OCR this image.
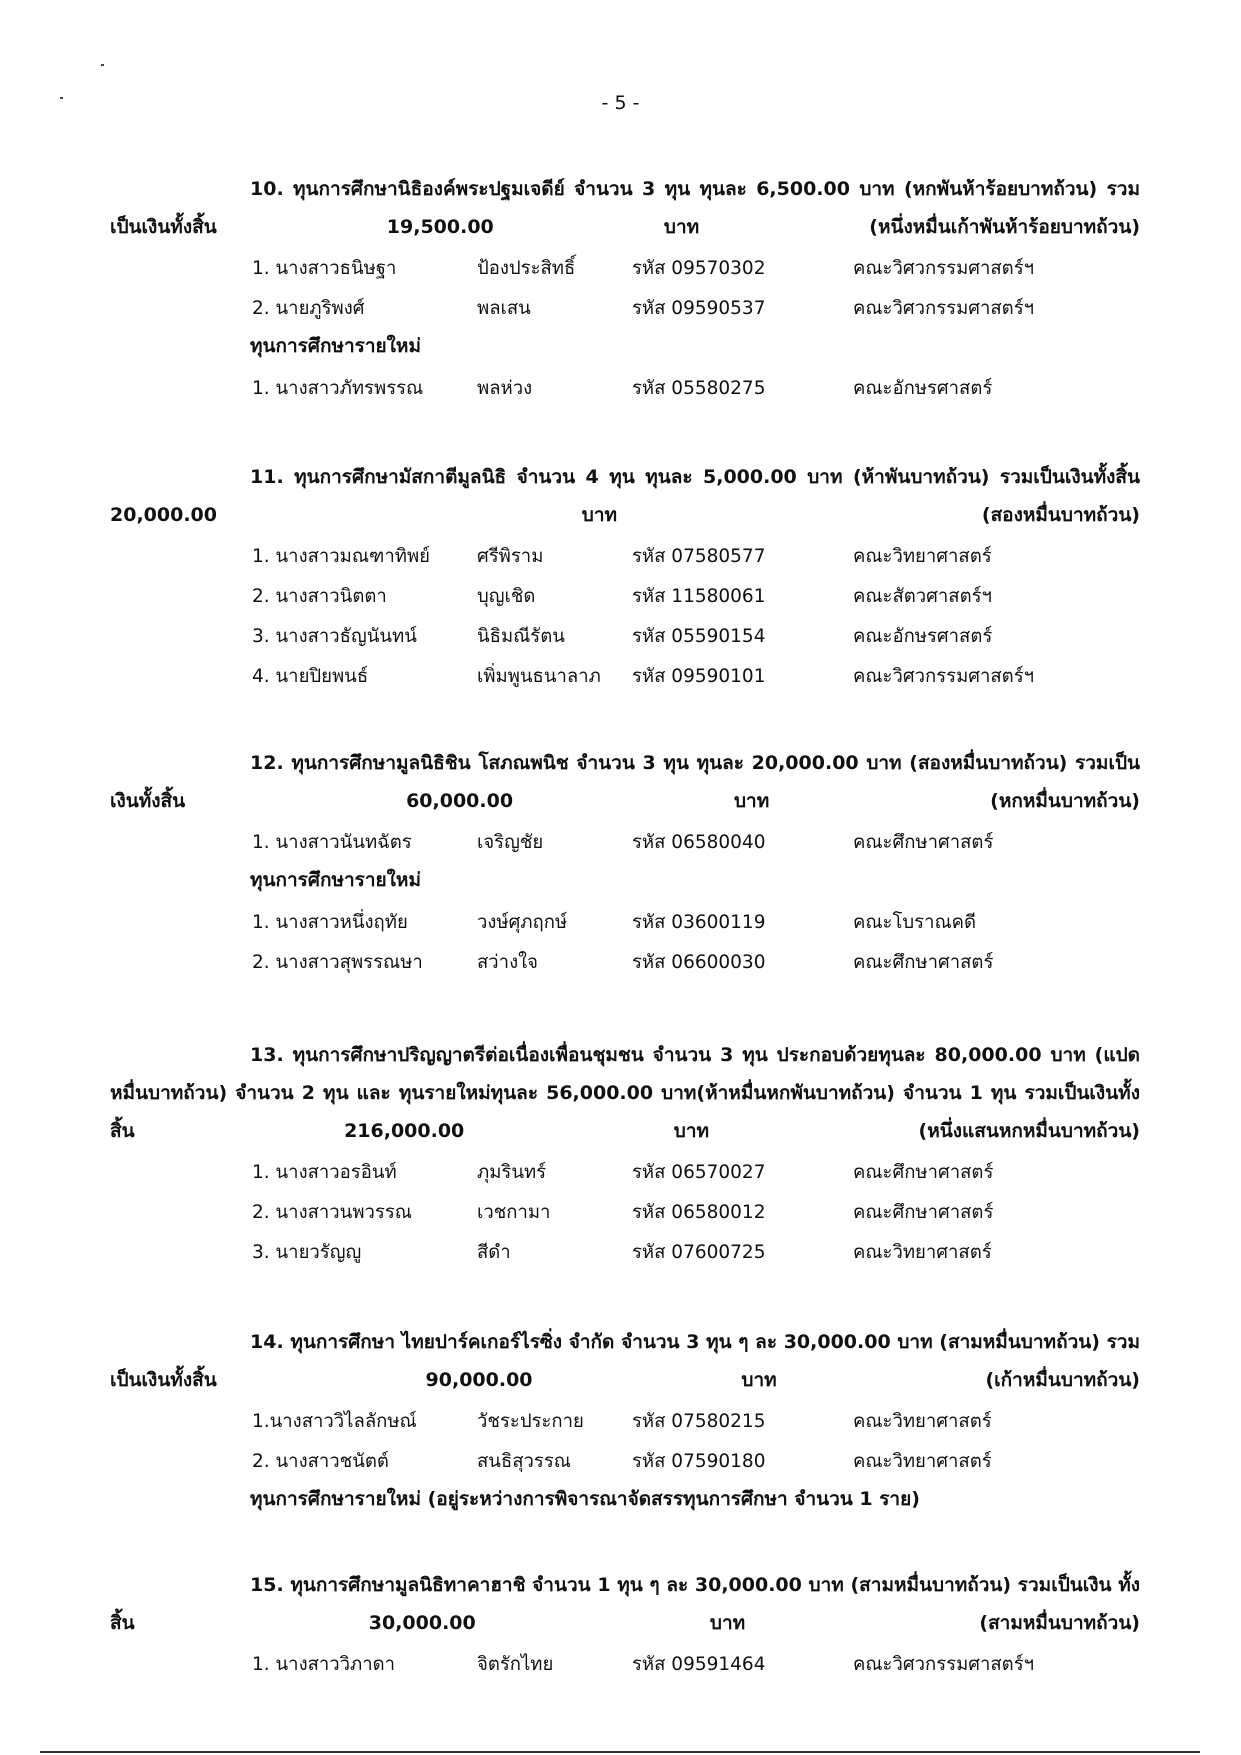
- 5 -
10. ทุนการศึกษานิธิองค์พระปฐมเจดีย์ จำนวน 3 ทุน ทุนละ 6,500.00 บาท (หกพันห้าร้อยบาทถ้วน) รวมเป็นเงินทั้งสิ้น 19,500.00 บาท (หนึ่งหมื่นเก้าพันห้าร้อยบาทถ้วน)
1. นางสาวธนิษฐา	ป้องประสิทธิ์	รหัส 09570302	คณะวิศวกรรมศาสตร์ฯ
2. นายภูริพงศ์	พลเสน	รหัส 09590537	คณะวิศวกรรมศาสตร์ฯ
ทุนการศึกษารายใหม่
1. นางสาวภัทรพรรณ	พลห่วง	รหัส 05580275	คณะอักษรศาสตร์
11. ทุนการศึกษามัสกาตีมูลนิธิ จำนวน 4 ทุน ทุนละ 5,000.00 บาท (ห้าพันบาทถ้วน) รวมเป็นเงินทั้งสิ้น 20,000.00 บาท (สองหมื่นบาทถ้วน)
1. นางสาวมณฑาทิพย์	ศรีพิราม	รหัส 07580577	คณะวิทยาศาสตร์
2. นางสาวนิตตา	บุญเชิด	รหัส 11580061	คณะสัตวศาสตร์ฯ
3. นางสาวธัญนันทน์	นิธิมณีรัตน	รหัส 05590154	คณะอักษรศาสตร์
4. นายปิยพนธ์	เพิ่มพูนธนาลาภ รหัส 09590101	คณะวิศวกรรมศาสตร์ฯ
12. ทุนการศึกษามูลนิธิชิน โสภณพนิช จำนวน 3 ทุน ทุนละ 20,000.00 บาท (สองหมื่นบาทถ้วน) รวมเป็นเงินทั้งสิ้น 60,000.00 บาท (หกหมื่นบาทถ้วน)
1. นางสาวนันทฉัตร	เจริญชัย	รหัส 06580040	คณะศึกษาศาสตร์
ทุนการศึกษารายใหม่
1. นางสาวหนึ่งฤทัย	วงษ์ศุภฤกษ์	รหัส 03600119	คณะโบราณคดี
2. นางสาวสุพรรณษา	สว่างใจ	รหัส 06600030	คณะศึกษาศาสตร์
13. ทุนการศึกษาปริญญาตรีต่อเนื่องเพื่อนชุมชน จำนวน 3 ทุน ประกอบด้วยทุนละ 80,000.00 บาท (แปดหมื่นบาทถ้วน) จำนวน 2 ทุน และ ทุนรายใหม่ทุนละ 56,000.00 บาท(ห้าหมื่นหกพันบาทถ้วน) จำนวน 1 ทุน รวมเป็นเงินทั้งสิ้น 216,000.00 บาท (หนึ่งแสนหกหมื่นบาทถ้วน)
1. นางสาวอรอินท์	ภุมรินทร์	รหัส 06570027	คณะศึกษาศาสตร์
2. นางสาวนพวรรณ	เวชกามา	รหัส 06580012	คณะศึกษาศาสตร์
3. นายวรัญญู	สีดำ	รหัส 07600725	คณะวิทยาศาสตร์
14. ทุนการศึกษา ไทยปาร์คเกอร์ไรซิ่ง จำกัด จำนวน 3 ทุน ๆ ละ 30,000.00 บาท (สามหมื่นบาทถ้วน) รวมเป็นเงินทั้งสิ้น 90,000.00 บาท (เก้าหมื่นบาทถ้วน)
1.นางสาววิไลลักษณ์	วัชระประกาย	รหัส 07580215	คณะวิทยาศาสตร์
2. นางสาวชนัตต์	สนธิสุวรรณ	รหัส 07590180	คณะวิทยาศาสตร์
ทุนการศึกษารายใหม่ (อยู่ระหว่างการพิจารณาจัดสรรทุนการศึกษา จำนวน 1 ราย)
15. ทุนการศึกษามูลนิธิทาคาฮาชิ จำนวน 1 ทุน ๆ ละ 30,000.00 บาท (สามหมื่นบาทถ้วน) รวมเป็นเงิน ทั้งสิ้น 30,000.00 บาท (สามหมื่นบาทถ้วน)
1. นางสาววิภาดา	จิตรักไทย	รหัส 09591464	คณะวิศวกรรมศาสตร์ฯ
